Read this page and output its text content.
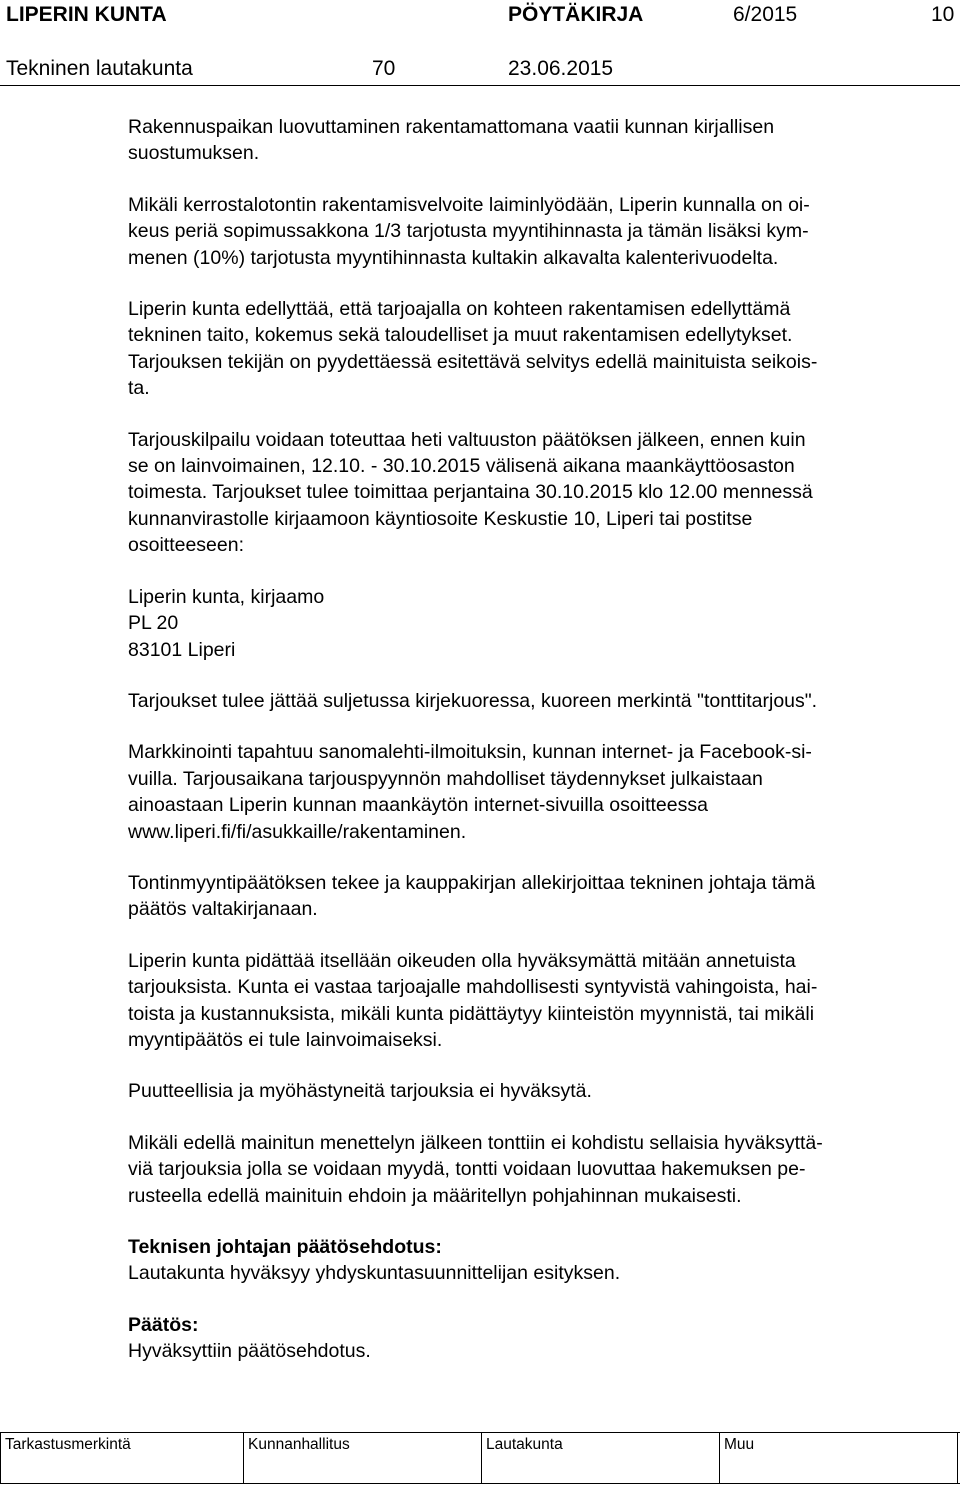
LIPERIN KUNTA	PÖYTÄKIRJA	6/2015	10
Tekninen lautakunta	70	23.06.2015

Rakennuspaikan luovuttaminen rakentamattomana vaatii kunnan kirjallisen
suostumuksen.

Mikäli kerrostalotontin rakentamisvelvoite laiminlyödään, Liperin kunnalla on oi-
keus periä sopimussakkona 1/3 tarjotusta myyntihinnasta ja tämän lisäksi kym-
menen (10%) tarjotusta myyntihinnasta kultakin alkavalta kalenterivuodelta.

Liperin kunta edellyttää, että tarjoajalla on kohteen rakentamisen edellyttämä
tekninen taito, kokemus sekä taloudelliset ja muut rakentamisen edellytykset.
Tarjouksen tekijän on pyydettäessä esitettävä selvitys edellä mainituista seikois-
ta.

Tarjouskilpailu voidaan toteuttaa heti valtuuston päätöksen jälkeen, ennen kuin
se on lainvoimainen, 12.10. - 30.10.2015 välisenä aikana maankäyttöosaston
toimesta. Tarjoukset tulee toimittaa perjantaina 30.10.2015 klo 12.00 mennessä
kunnanvirastolle kirjaamoon käyntiosoite Keskustie 10, Liperi tai postitse
osoitteeseen:

Liperin kunta, kirjaamo
PL 20
83101 Liperi

Tarjoukset tulee jättää suljetussa kirjekuoressa, kuoreen merkintä "tonttitarjous".

Markkinointi tapahtuu sanomalehti-ilmoituksin, kunnan internet- ja Facebook-si-
vuilla. Tarjousaikana tarjouspyynnön mahdolliset täydennykset julkaistaan
ainoastaan Liperin kunnan maankäytön internet-sivuilla osoitteessa
www.liperi.fi/fi/asukkaille/rakentaminen.

Tontinmyyntipäätöksen tekee ja kauppakirjan allekirjoittaa tekninen johtaja tämä
päätös valtakirjanaan.

Liperin kunta pidättää itsellään oikeuden olla hyväksymättä mitään annetuista
tarjouksista. Kunta ei vastaa tarjoajalle mahdollisesti syntyvistä vahingoista, hai-
toista ja kustannuksista, mikäli kunta pidättäytyy kiinteistön myynnistä, tai mikäli
myyntipäätös ei tule lainvoimaiseksi.

Puutteellisia ja myöhästyneitä tarjouksia ei hyväksytä.

Mikäli edellä mainitun menettelyn jälkeen tonttiin ei kohdistu sellaisia hyväksyttä-
viä tarjouksia jolla se voidaan myydä, tontti voidaan luovuttaa hakemuksen pe-
rusteella edellä mainituin ehdoin ja määritellyn pohjahinnan mukaisesti.

Teknisen johtajan päätösehdotus:
Lautakunta hyväksyy yhdyskuntasuunnittelijan esityksen.

Päätös:
Hyväksyttiin päätösehdotus.

Tarkastusmerkintä	Kunnanhallitus	Lautakunta	Muu
